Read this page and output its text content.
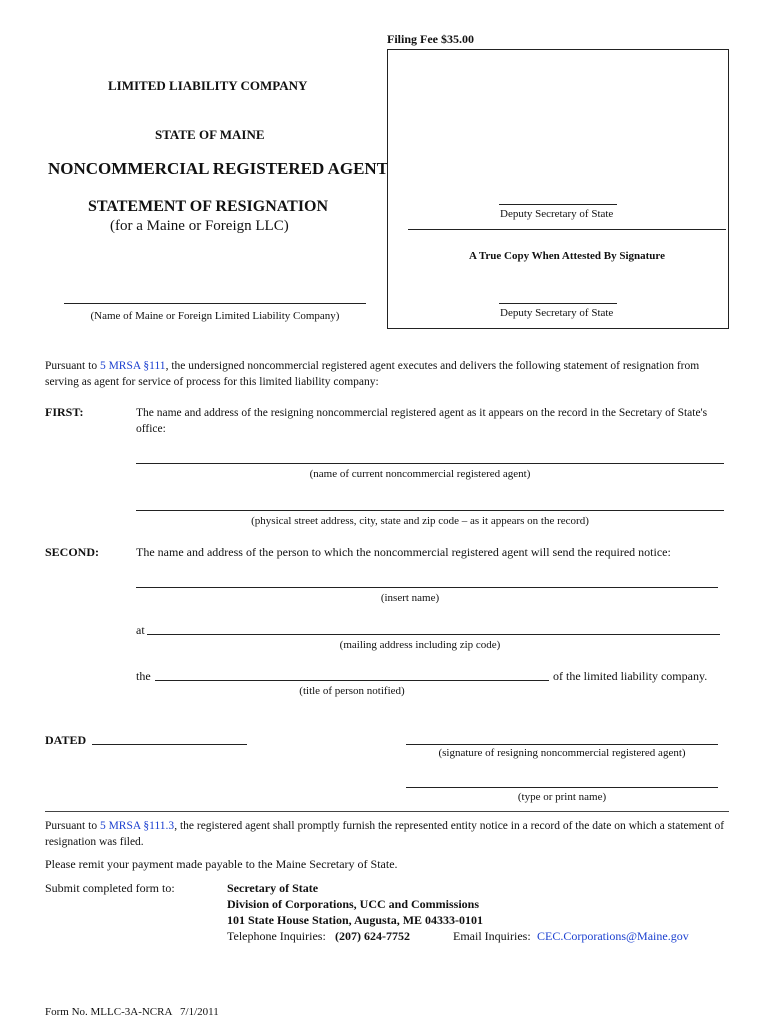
Filing Fee $35.00
LIMITED LIABILITY COMPANY
STATE OF MAINE
NONCOMMERCIAL REGISTERED AGENT
STATEMENT OF RESIGNATION
(for a Maine or Foreign LLC)
(Name of Maine or Foreign Limited Liability Company)
Deputy Secretary of State
A True Copy When Attested By Signature
Deputy Secretary of State
Pursuant to 5 MRSA §111, the undersigned noncommercial registered agent executes and delivers the following statement of resignation from serving as agent for service of process for this limited liability company:
FIRST:	The name and address of the resigning noncommercial registered agent as it appears on the record in the Secretary of State's office:
(name of current noncommercial registered agent)
(physical street address, city, state and zip code – as it appears on the record)
SECOND:	The name and address of the person to which the noncommercial registered agent will send the required notice:
(insert name)
at
(mailing address including zip code)
the	of the limited liability company.
(title of person notified)
DATED
(signature of resigning noncommercial registered agent)
(type or print name)
Pursuant to 5 MRSA §111.3, the registered agent shall promptly furnish the represented entity notice in a record of the date on which a statement of resignation was filed.
Please remit your payment made payable to the Maine Secretary of State.
Submit completed form to:	Secretary of State
Division of Corporations, UCC and Commissions
101 State House Station, Augusta, ME 04333-0101
Telephone Inquiries: (207) 624-7752	Email Inquiries: CEC.Corporations@Maine.gov
Form No. MLLC-3A-NCRA   7/1/2011
